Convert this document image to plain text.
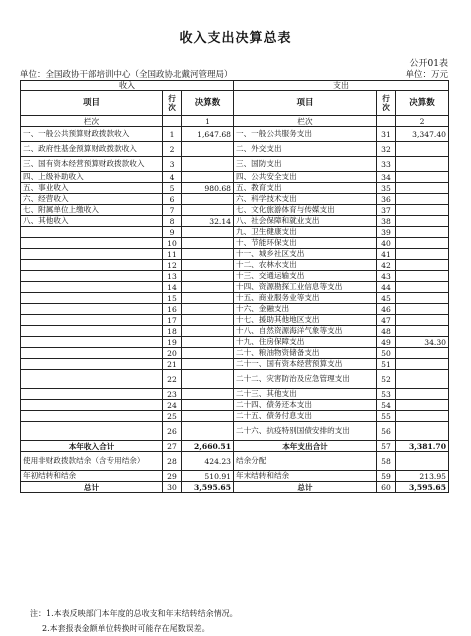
收入支出决算总表
公开01表
单位：全国政协干部培训中心（全国政协北戴河管理局）	单位：万元
收入			支出		
项目	行次	决算数	项目	行次	决算数
栏次		1	栏次		2
一、一般公共预算财政拨款收入	1	1,647.68	一、一般公共服务支出	31	3,347.40
二、政府性基金预算财政拨款收入	2		二、外交支出	32	
三、国有资本经营预算财政拨款收入	3		三、国防支出	33	
四、上级补助收入	4		四、公共安全支出	34	
五、事业收入	5	980.68	五、教育支出	35	
六、经营收入	6		六、科学技术支出	36	
七、附属单位上缴收入	7		七、文化旅游体育与传媒支出	37	
八、其他收入	8	32.14	八、社会保障和就业支出	38	
	9		九、卫生健康支出	39	
	10		十、节能环保支出	40	
	11		十一、城乡社区支出	41	
	12		十二、农林水支出	42	
	13		十三、交通运输支出	43	
	14		十四、资源勘探工业信息等支出	44	
	15		十五、商业服务业等支出	45	
	16		十六、金融支出	46	
	17		十七、援助其他地区支出	47	
	18		十八、自然资源海洋气象等支出	48	
	19		十九、住房保障支出	49	34.30
	20		二十、粮油物资储备支出	50	
	21		二十一、国有资本经营预算支出	51	
	22		二十二、灾害防治及应急管理支出	52	
	23		二十三、其他支出	53	
	24		二十四、债务还本支出	54	
	25		二十五、债务付息支出	55	
	26		二十六、抗疫特别国债安排的支出	56	
本年收入合计	27	2,660.51	本年支出合计	57	3,381.70
使用非财政拨款结余（含专用结余）	28	424.23	结余分配	58	
年初结转和结余	29	510.91	年末结转和结余	59	213.95
总计	30	3,595.65	总计	60	3,595.65
注：1.本表反映部门本年度的总收支和年末结转结余情况。
2.本套报表金额单位转换时可能存在尾数误差。
